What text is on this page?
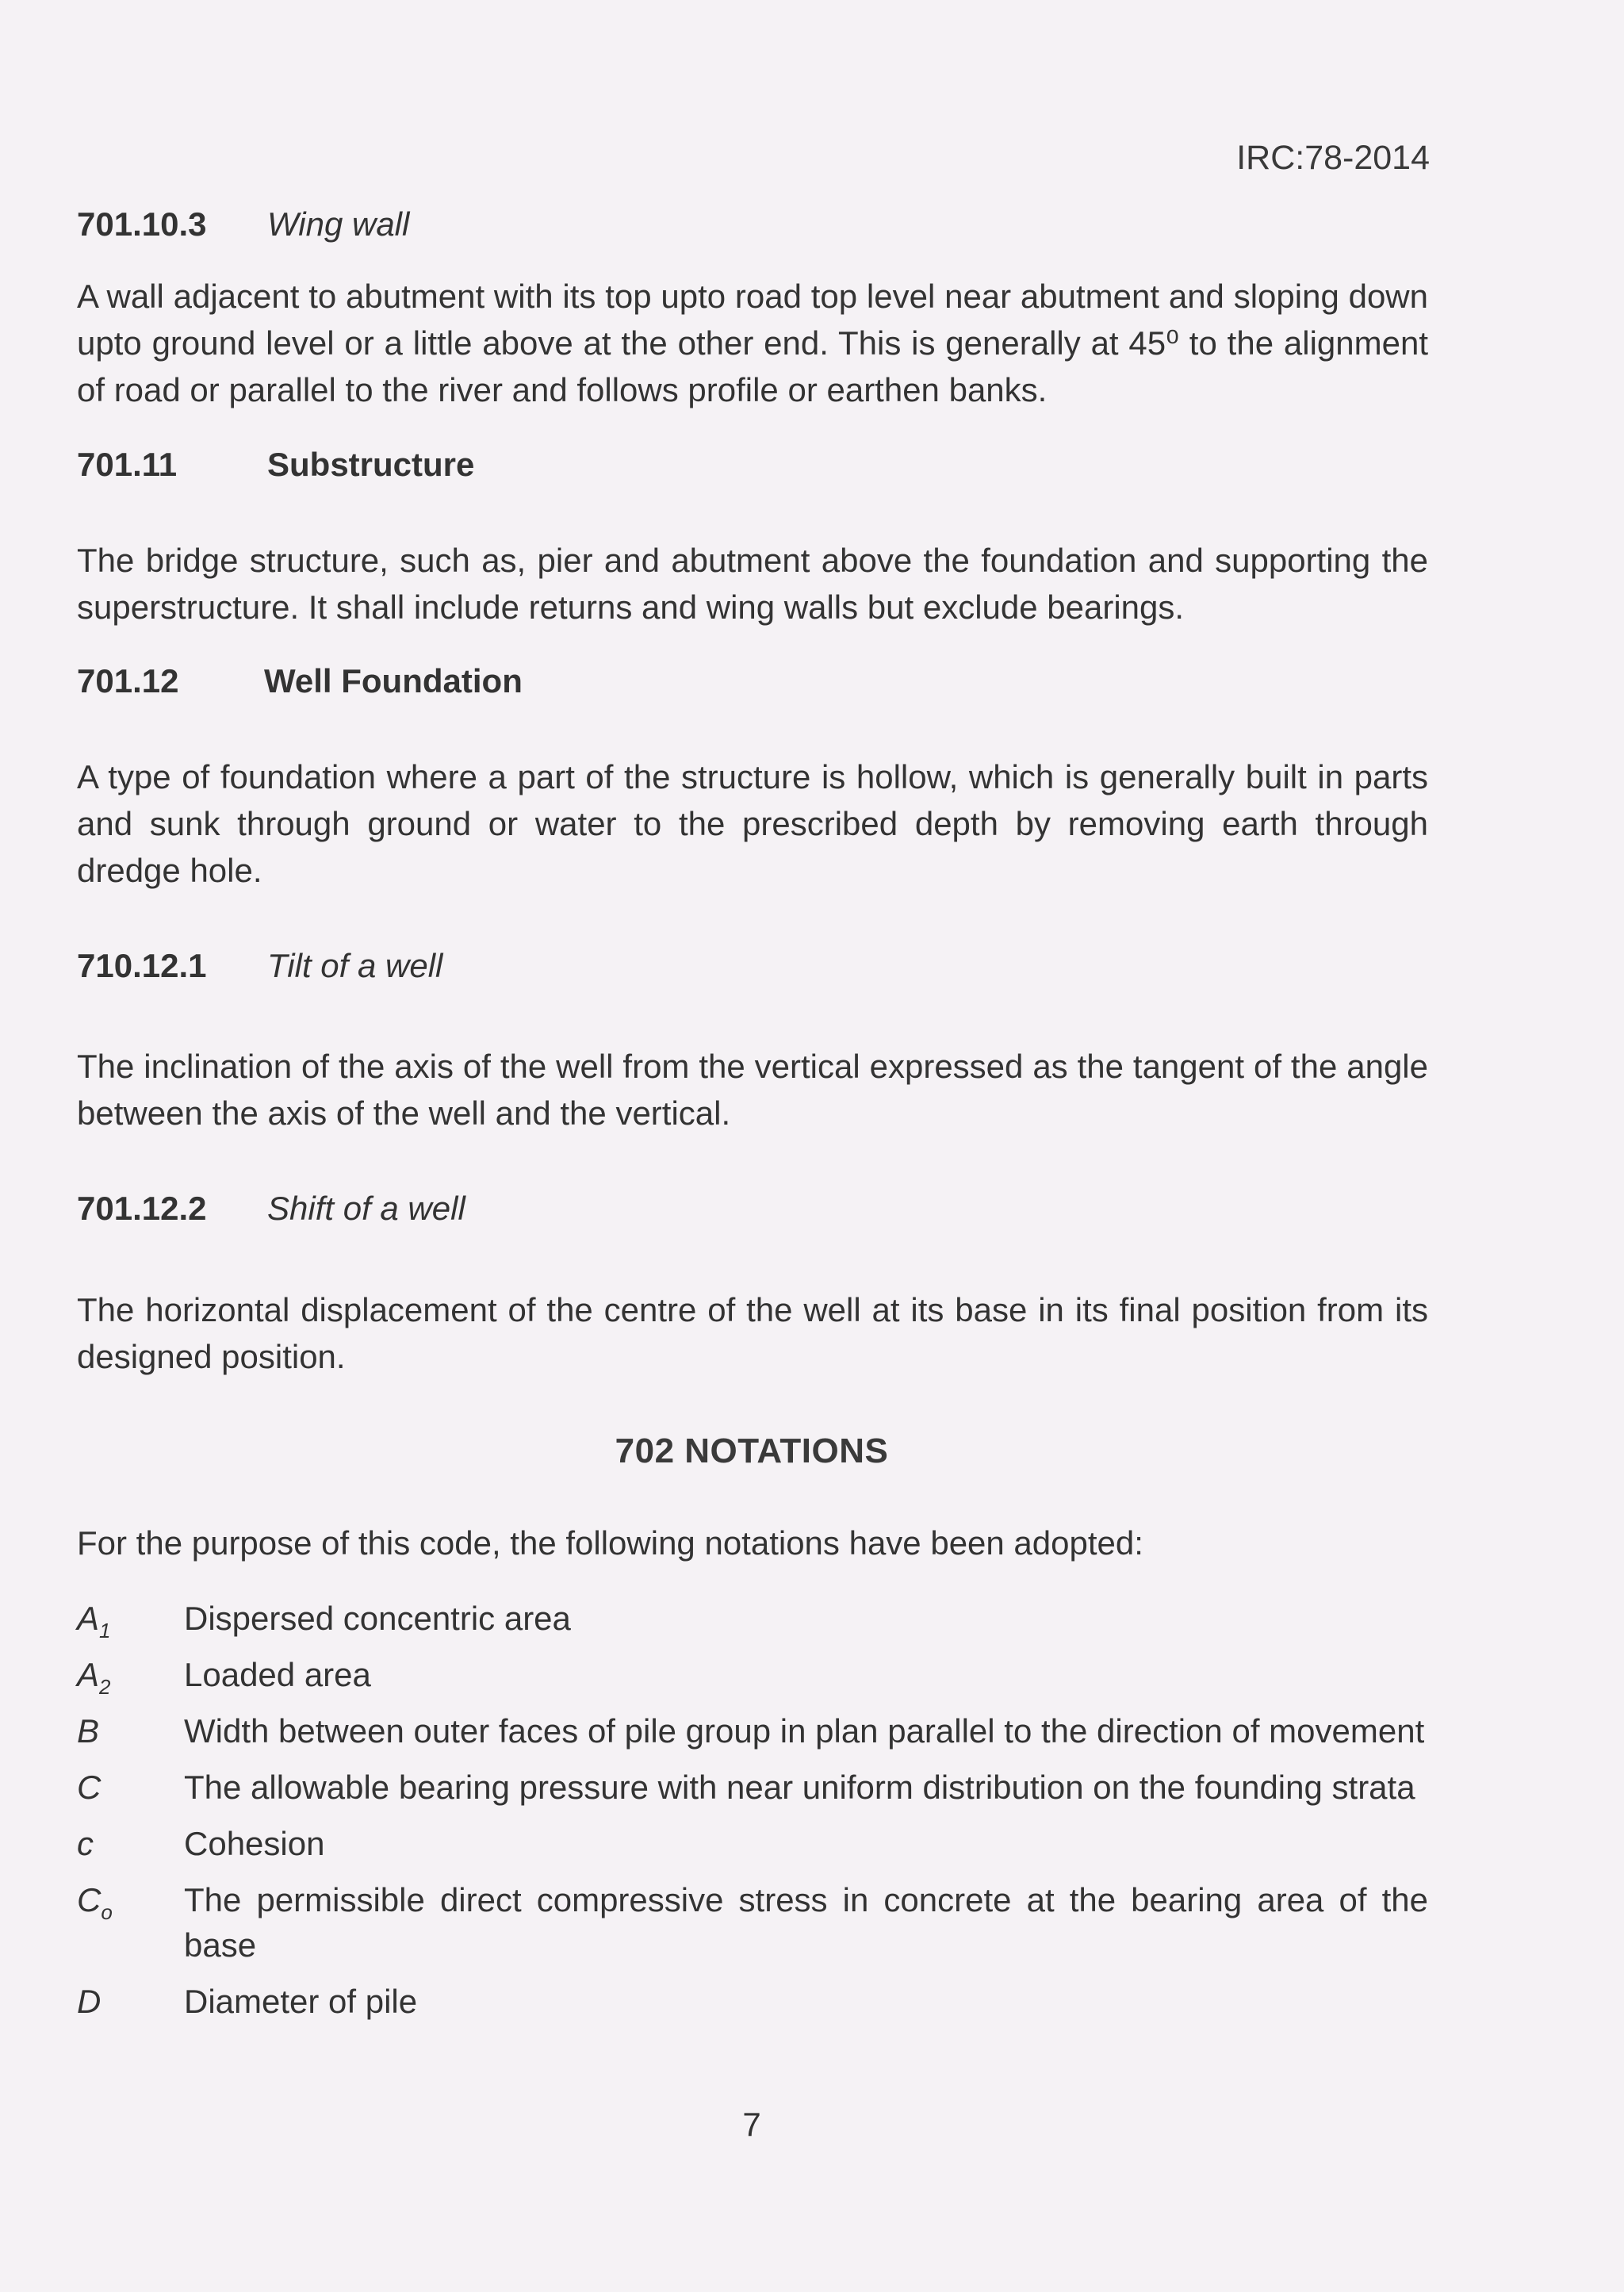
IRC:78-2014
701.10.3 Wing wall
A wall adjacent to abutment with its top upto road top level near abutment and sloping down upto ground level or a little above at the other end. This is generally at 45⁰ to the alignment of road or parallel to the river and follows profile or earthen banks.
701.11	Substructure
The bridge structure, such as, pier and abutment above the foundation and supporting the superstructure. It shall include returns and wing walls but exclude bearings.
701.12	Well Foundation
A type of foundation where a part of the structure is hollow, which is generally built in parts and sunk through ground or water to the prescribed depth by removing earth through dredge hole.
710.12.1 Tilt of a well
The inclination of the axis of the well from the vertical expressed as the tangent of the angle between the axis of the well and the vertical.
701.12.2 Shift of a well
The horizontal displacement of the centre of the well at its base in its final position from its designed position.
702 NOTATIONS
For the purpose of this code, the following notations have been adopted:
$A_1$	Dispersed concentric area
$A_2$	Loaded area
B	Width between outer faces of pile group in plan parallel to the direction of movement
C	The allowable bearing pressure with near uniform distribution on the founding strata
c	Cohesion
$C_o$	The permissible direct compressive stress in concrete at the bearing area of the base
D	Diameter of pile
7
